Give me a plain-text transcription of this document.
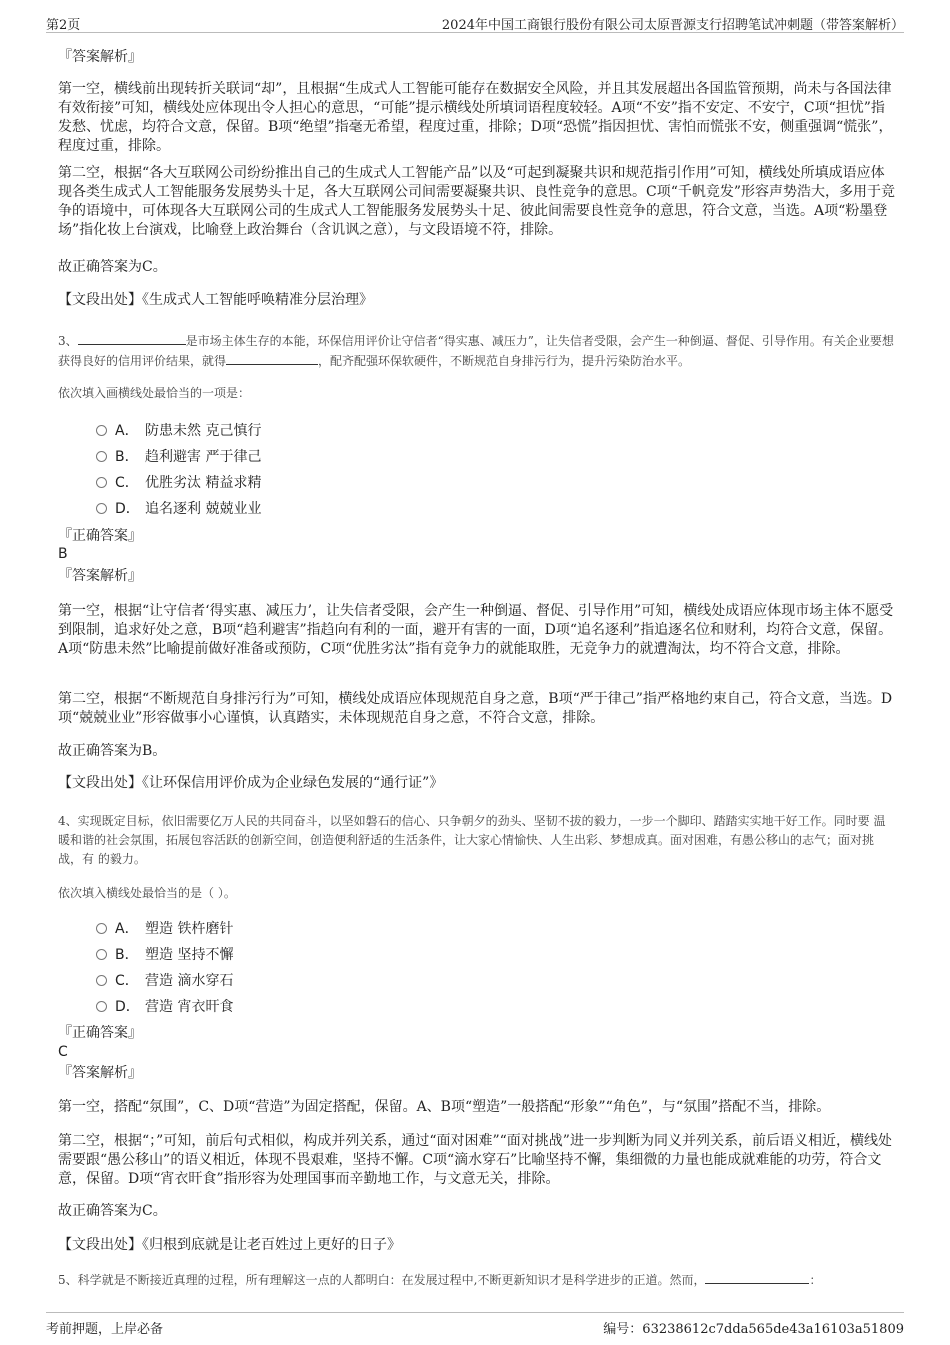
第2页	2024年中国工商银行股份有限公司太原晋源支行招聘笔试冲刺题（带答案解析）
『答案解析』
第一空，横线前出现转折关联词“却”，且根据“生成式人工智能可能存在数据安全风险，并且其发展超出各国监管预期，尚未与各国法律有效衔接”可知，横线处应体现出令人担心的意思，“可能”提示横线处所填词语程度较轻。A项“不安”指不安定、不安宁，C项“担忧”指发愁、忧虑，均符合文意，保留。B项“绝望”指毫无希望，程度过重，排除；D项“恐慌”指因担忧、害怕而慌张不安，侧重强调“慌张”，程度过重，排除。
第二空，根据“各大互联网公司纷纷推出自己的生成式人工智能产品”以及“可起到凝聚共识和规范指引作用”可知，横线处所填成语应体现各类生成式人工智能服务发展势头十足，各大互联网公司间需要凝聚共识、良性竞争的意思。C项“千帆竞发”形容声势浩大，多用于竞争的语境中，可体现各大互联网公司的生成式人工智能服务发展势头十足、彼此间需要良性竞争的意思，符合文意，当选。A项“粉墨登场”指化妆上台演戏，比喻登上政治舞台（含讥讽之意），与文段语境不符，排除。
故正确答案为C。
【文段出处】《生成式人工智能呼唤精准分层治理》
3、	是市场主体生存的本能，环保信用评价让守信者“得实惠、减压力”，让失信者受限，会产生一种倒逼、督促、引导作用。有关企业要想获得良好的信用评价结果，就得	，配齐配强环保软硬件，不断规范自身排污行为，提升污染防治水平。
依次填入画横线处最恰当的一项是：
A． 防患未然 克己慎行
B． 趋利避害 严于律己
C． 优胜劣汰 精益求精
D． 追名逐利 兢兢业业
『正确答案』
B
『答案解析』
第一空，根据“让守信者‘得实惠、减压力’，让失信者受限，会产生一种倒逼、督促、引导作用”可知，横线处成语应体现市场主体不愿受到限制，追求好处之意，B项“趋利避害”指趋向有利的一面，避开有害的一面，D项“追名逐利”指追逐名位和财利，均符合文意，保留。A项“防患未然”比喻提前做好准备或预防，C项“优胜劣汰”指有竞争力的就能取胜，无竞争力的就遭淘汰，均不符合文意，排除。
第二空，根据“不断规范自身排污行为”可知，横线处成语应体现规范自身之意，B项“严于律己”指严格地约束自己，符合文意，当选。D项“兢兢业业”形容做事小心谨慎，认真踏实，未体现规范自身之意，不符合文意，排除。
故正确答案为B。
【文段出处】《让环保信用评价成为企业绿色发展的“通行证”》
4、实现既定目标，依旧需要亿万人民的共同奋斗，以坚如磐石的信心、只争朝夕的劲头、坚韧不拔的毅力，一步一个脚印、踏踏实实地干好工作。同时要 温暖和谐的社会氛围，拓展包容活跃的创新空间，创造便利舒适的生活条件，让大家心情愉快、人生出彩、梦想成真。面对困难，有愚公移山的志气；面对挑战，有 的毅力。
依次填入横线处最恰当的是（ ）。
A． 塑造 铁杵磨针
B． 塑造 坚持不懈
C． 营造 滴水穿石
D． 营造 宵衣旰食
『正确答案』
C
『答案解析』
第一空，搭配“氛围”，C、D项“营造”为固定搭配，保留。A、B项“塑造”一般搭配“形象”“角色”，与“氛围”搭配不当，排除。
第二空，根据“；”可知，前后句式相似，构成并列关系，通过“面对困难”“面对挑战”进一步判断为同义并列关系，前后语义相近，横线处需要跟“愚公移山”的语义相近，体现不畏艰难，坚持不懈。C项“滴水穿石”比喻坚持不懈，集细微的力量也能成就难能的功劳，符合文意，保留。D项“宵衣旰食”指形容为处理国事而辛勤地工作，与文意无关，排除。
故正确答案为C。
【文段出处】《归根到底就是让老百姓过上更好的日子》
5、科学就是不断接近真理的过程，所有理解这一点的人都明白：在发展过程中,不断更新知识才是科学进步的正道。然而，	：
考前押题，上岸必备	编号：63238612c7dda565de43a16103a51809
